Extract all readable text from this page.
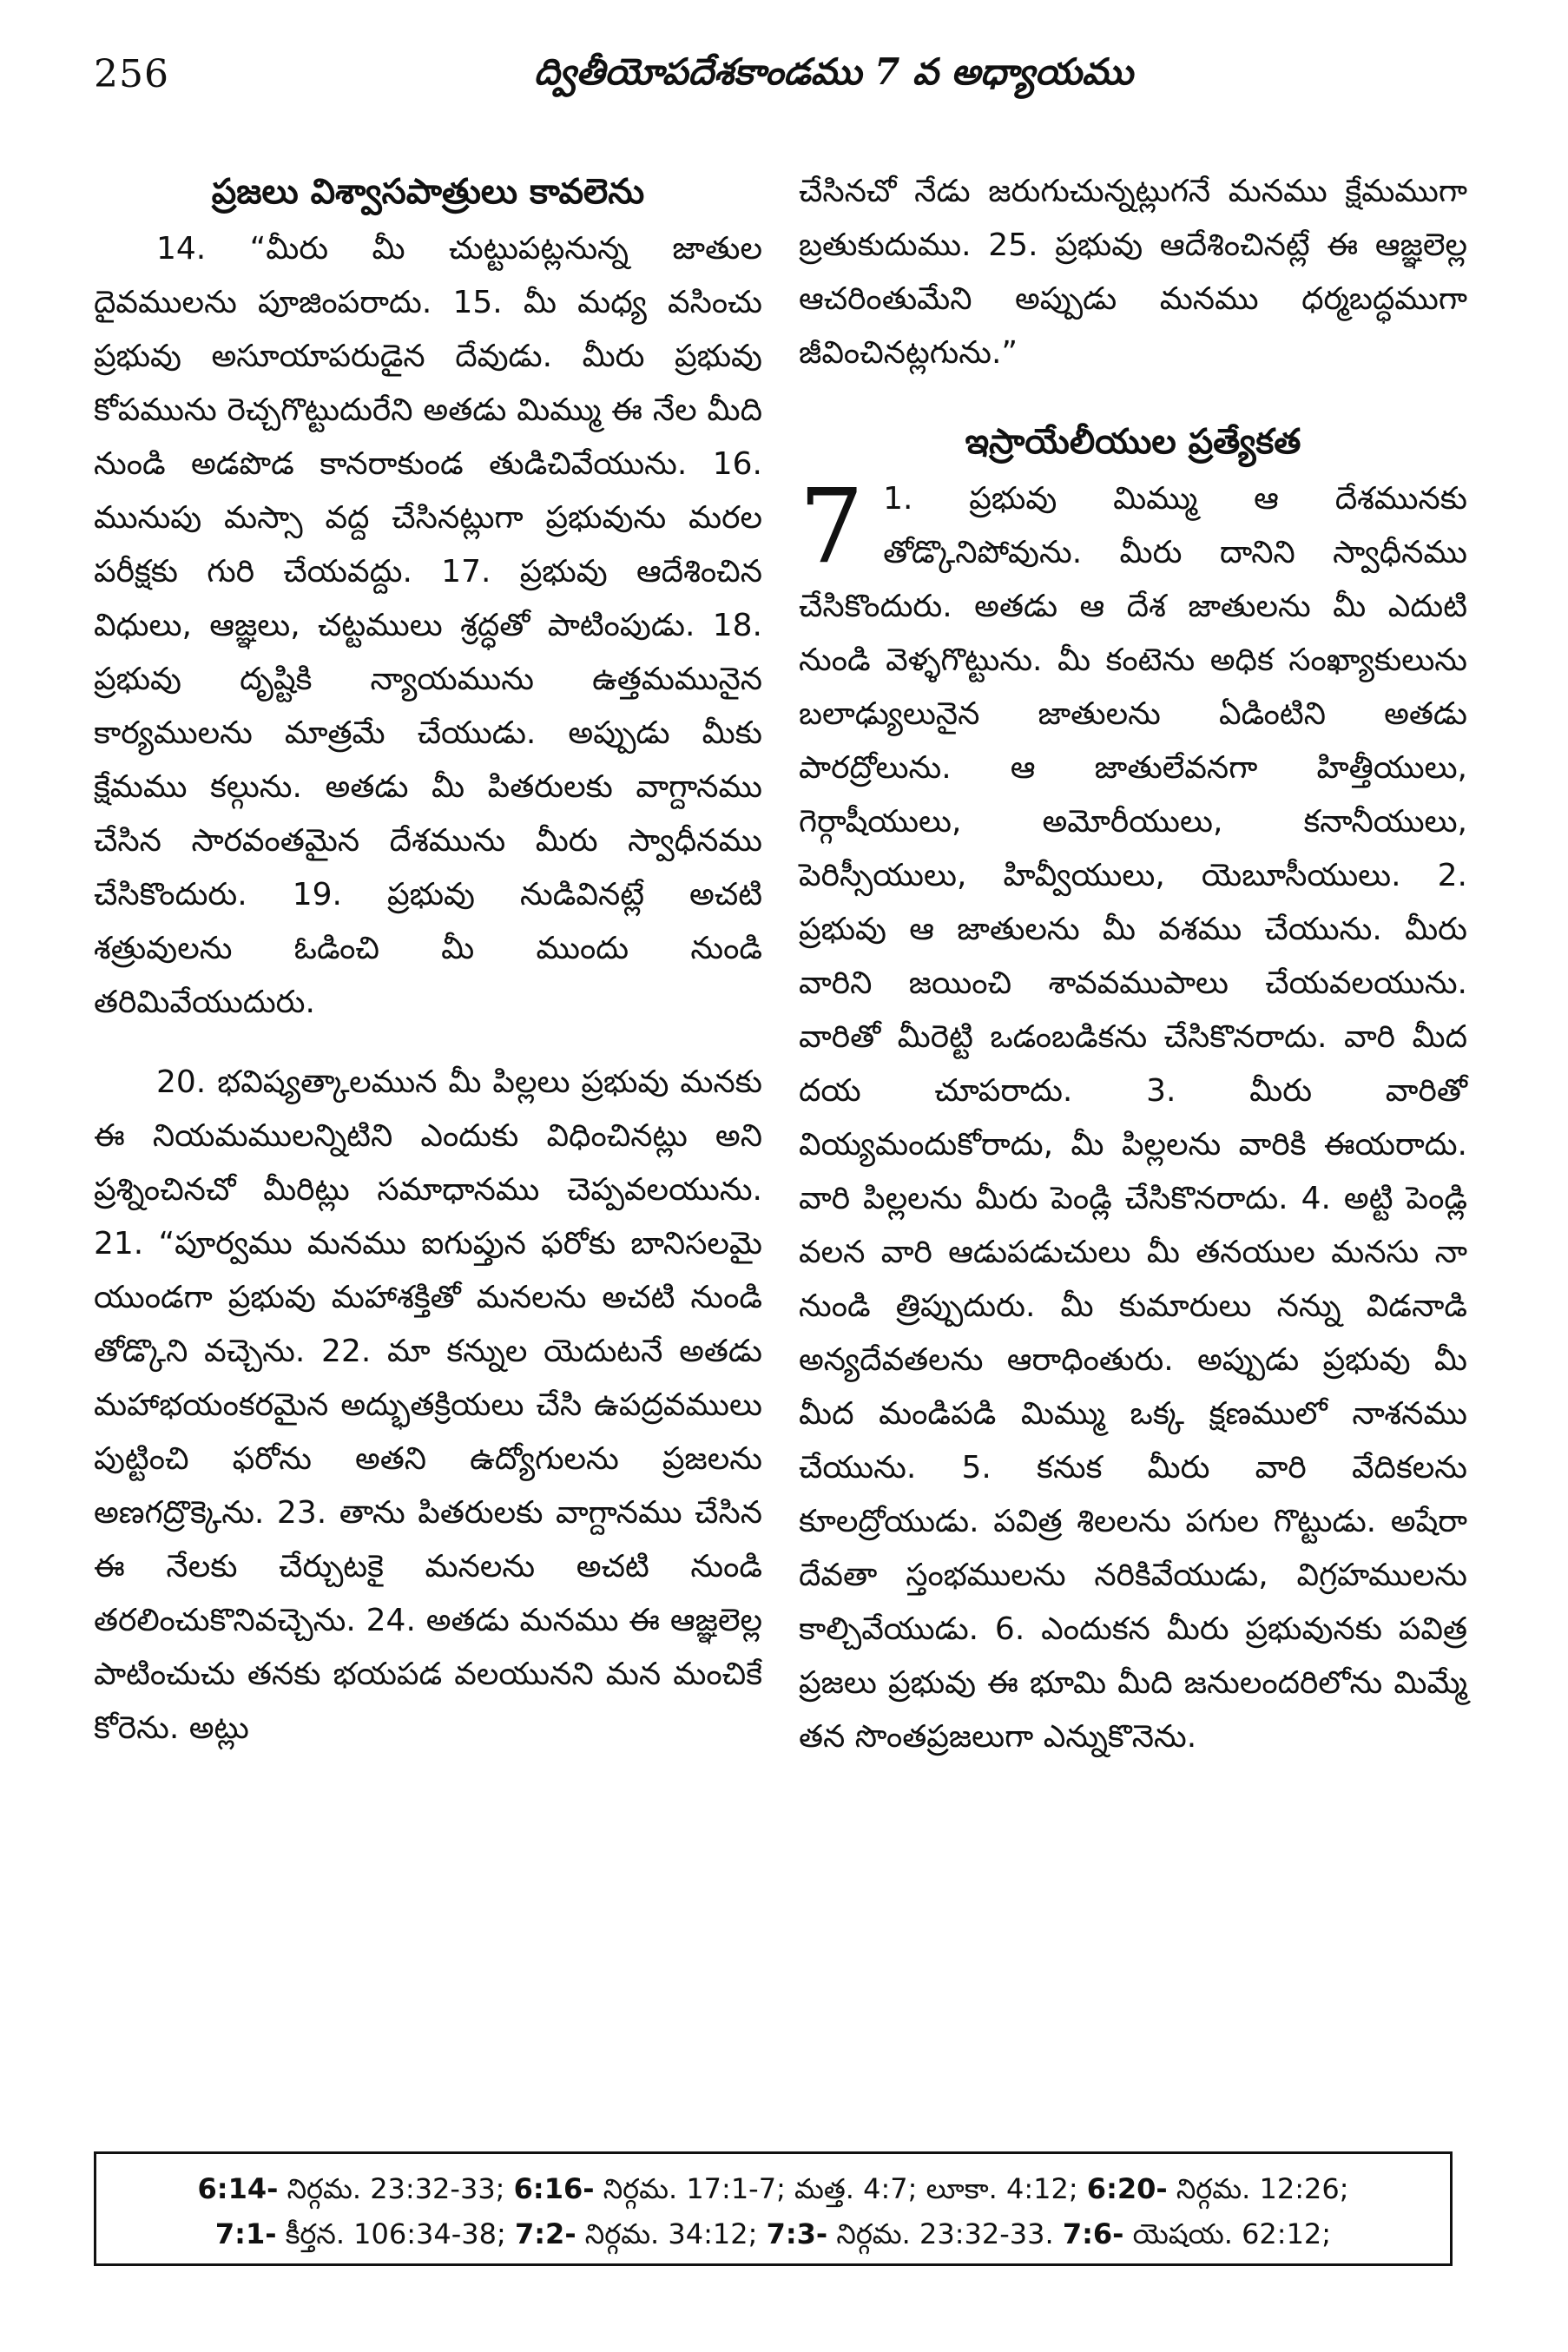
256	ద్వితీయోపదేశకాండము 7 వ అధ్యాయము
ప్రజలు విశ్వాసపాత్రులు కావలెను

14. “మీరు మీ చుట్టుపట్లనున్న జాతుల దైవములను పూజింపరాదు. 15. మీ మధ్య వసించు ప్రభువు అసూయాపరుడైన దేవుడు. మీరు ప్రభువు కోపమును రెచ్చగొట్టుదురేని అతడు మిమ్ము ఈ నేల మీది నుండి అడపొడ కానరాకుండ తుడిచివేయును. 16. మునుపు మస్సా వద్ద చేసినట్లుగా ప్రభువును మరల పరీక్షకు గురి చేయవద్దు. 17. ప్రభువు ఆదేశించిన విధులు, ఆజ్ఞలు, చట్టములు శ్రద్ధతో పాటింపుడు. 18. ప్రభువు దృష్టికి న్యాయమును ఉత్తమమునైన కార్యములను మాత్రమే చేయుడు. అప్పుడు మీకు క్షేమము కల్గును. అతడు మీ పితరులకు వాగ్దానము చేసిన సారవంతమైన దేశమును మీరు స్వాధీనము చేసికొందురు. 19. ప్రభువు నుడివినట్లే అచటి శత్రువులను ఓడించి మీ ముందు నుండి తరిమివేయుదురు.

20. భవిష్యత్కాలమున మీ పిల్లలు ప్రభువు మనకు ఈ నియమములన్నిటిని ఎందుకు విధించినట్లు అని ప్రశ్నించినచో మీరిట్లు సమాధానము చెప్పవలయును. 21. “పూర్వము మనము ఐగుప్తున ఫరోకు బానిసలమై యుండగా ప్రభువు మహాశక్తితో మనలను అచటి నుండి తోడ్కొని వచ్చెను. 22. మా కన్నుల యెదుటనే అతడు మహాభయంకరమైన అద్భుతక్రియలు చేసి ఉపద్రవములు పుట్టించి ఫరోను అతని ఉద్యోగులను ప్రజలను అణగద్రొక్కెను. 23. తాను పితరులకు వాగ్దానము చేసిన ఈ నేలకు చేర్చుటకై మనలను అచటి నుండి తరలించుకొనివచ్చెను. 24. అతడు మనము ఈ ఆజ్ఞలెల్ల పాటించుచు తనకు భయపడ వలయునని మన మంచికే కోరెను. అట్లు

చేసినచో నేడు జరుగుచున్నట్లుగనే మనము క్షేమముగా బ్రతుకుదుము. 25. ప్రభువు ఆదేశించినట్లే ఈ ఆజ్ఞలెల్ల ఆచరింతుమేని అప్పుడు మనము ధర్మబద్ధముగా జీవించినట్లగును.”

ఇస్రాయేలీయుల ప్రత్యేకత
7 1. ప్రభువు మిమ్ము ఆ దేశమునకు తోడ్కొనిపోవును. మీరు దానిని స్వాధీనము చేసికొందురు. అతడు ఆ దేశ జాతులను మీ ఎదుటి నుండి వెళ్ళగొట్టును. మీ కంటెను అధిక సంఖ్యాకులును బలాఢ్యులునైన జాతులను ఏడింటిని అతడు పారద్రోలును. ఆ జాతులేవనగా హిత్తీయులు, గెర్గాషీయులు, అమోరీయులు, కనానీయులు, పెరిస్సీయులు, హివ్వీయులు, యెబూసీయులు. 2. ప్రభువు ఆ జాతులను మీ వశము చేయును. మీరు వారిని జయించి శావవముపాలు చేయవలయును. వారితో మీరెట్టి ఒడంబడికను చేసికొనరాదు. వారి మీద దయ చూపరాదు. 3. మీరు వారితో వియ్యమందుకోరాదు, మీ పిల్లలను వారికి ఈయరాదు. వారి పిల్లలను మీరు పెండ్లి చేసికొనరాదు. 4. అట్టి పెండ్లి వలన వారి ఆడుపడుచులు మీ తనయుల మనసు నా నుండి త్రిప్పుదురు. మీ కుమారులు నన్ను విడనాడి అన్యదేవతలను ఆరాధింతురు. అప్పుడు ప్రభువు మీ మీద మండిపడి మిమ్ము ఒక్క క్షణములో నాశనము చేయును. 5. కనుక మీరు వారి వేదికలను కూలద్రోయుడు. పవిత్ర శిలలను పగుల గొట్టుడు. అషేరా దేవతా స్తంభములను నరికివేయుడు, విగ్రహములను కాల్చివేయుడు. 6. ఎందుకన మీరు ప్రభువునకు పవిత్ర ప్రజలు ప్రభువు ఈ భూమి మీది జనులందరిలోను మిమ్మే తన సొంతప్రజలుగా ఎన్నుకొనెను.

6:14- నిర్గమ. 23:32-33; 6:16- నిర్గమ. 17:1-7; మత్త. 4:7; లూకా. 4:12; 6:20- నిర్గమ. 12:26;
7:1- కీర్తన. 106:34-38; 7:2- నిర్గమ. 34:12; 7:3- నిర్గమ. 23:32-33. 7:6- యెషయ. 62:12;
